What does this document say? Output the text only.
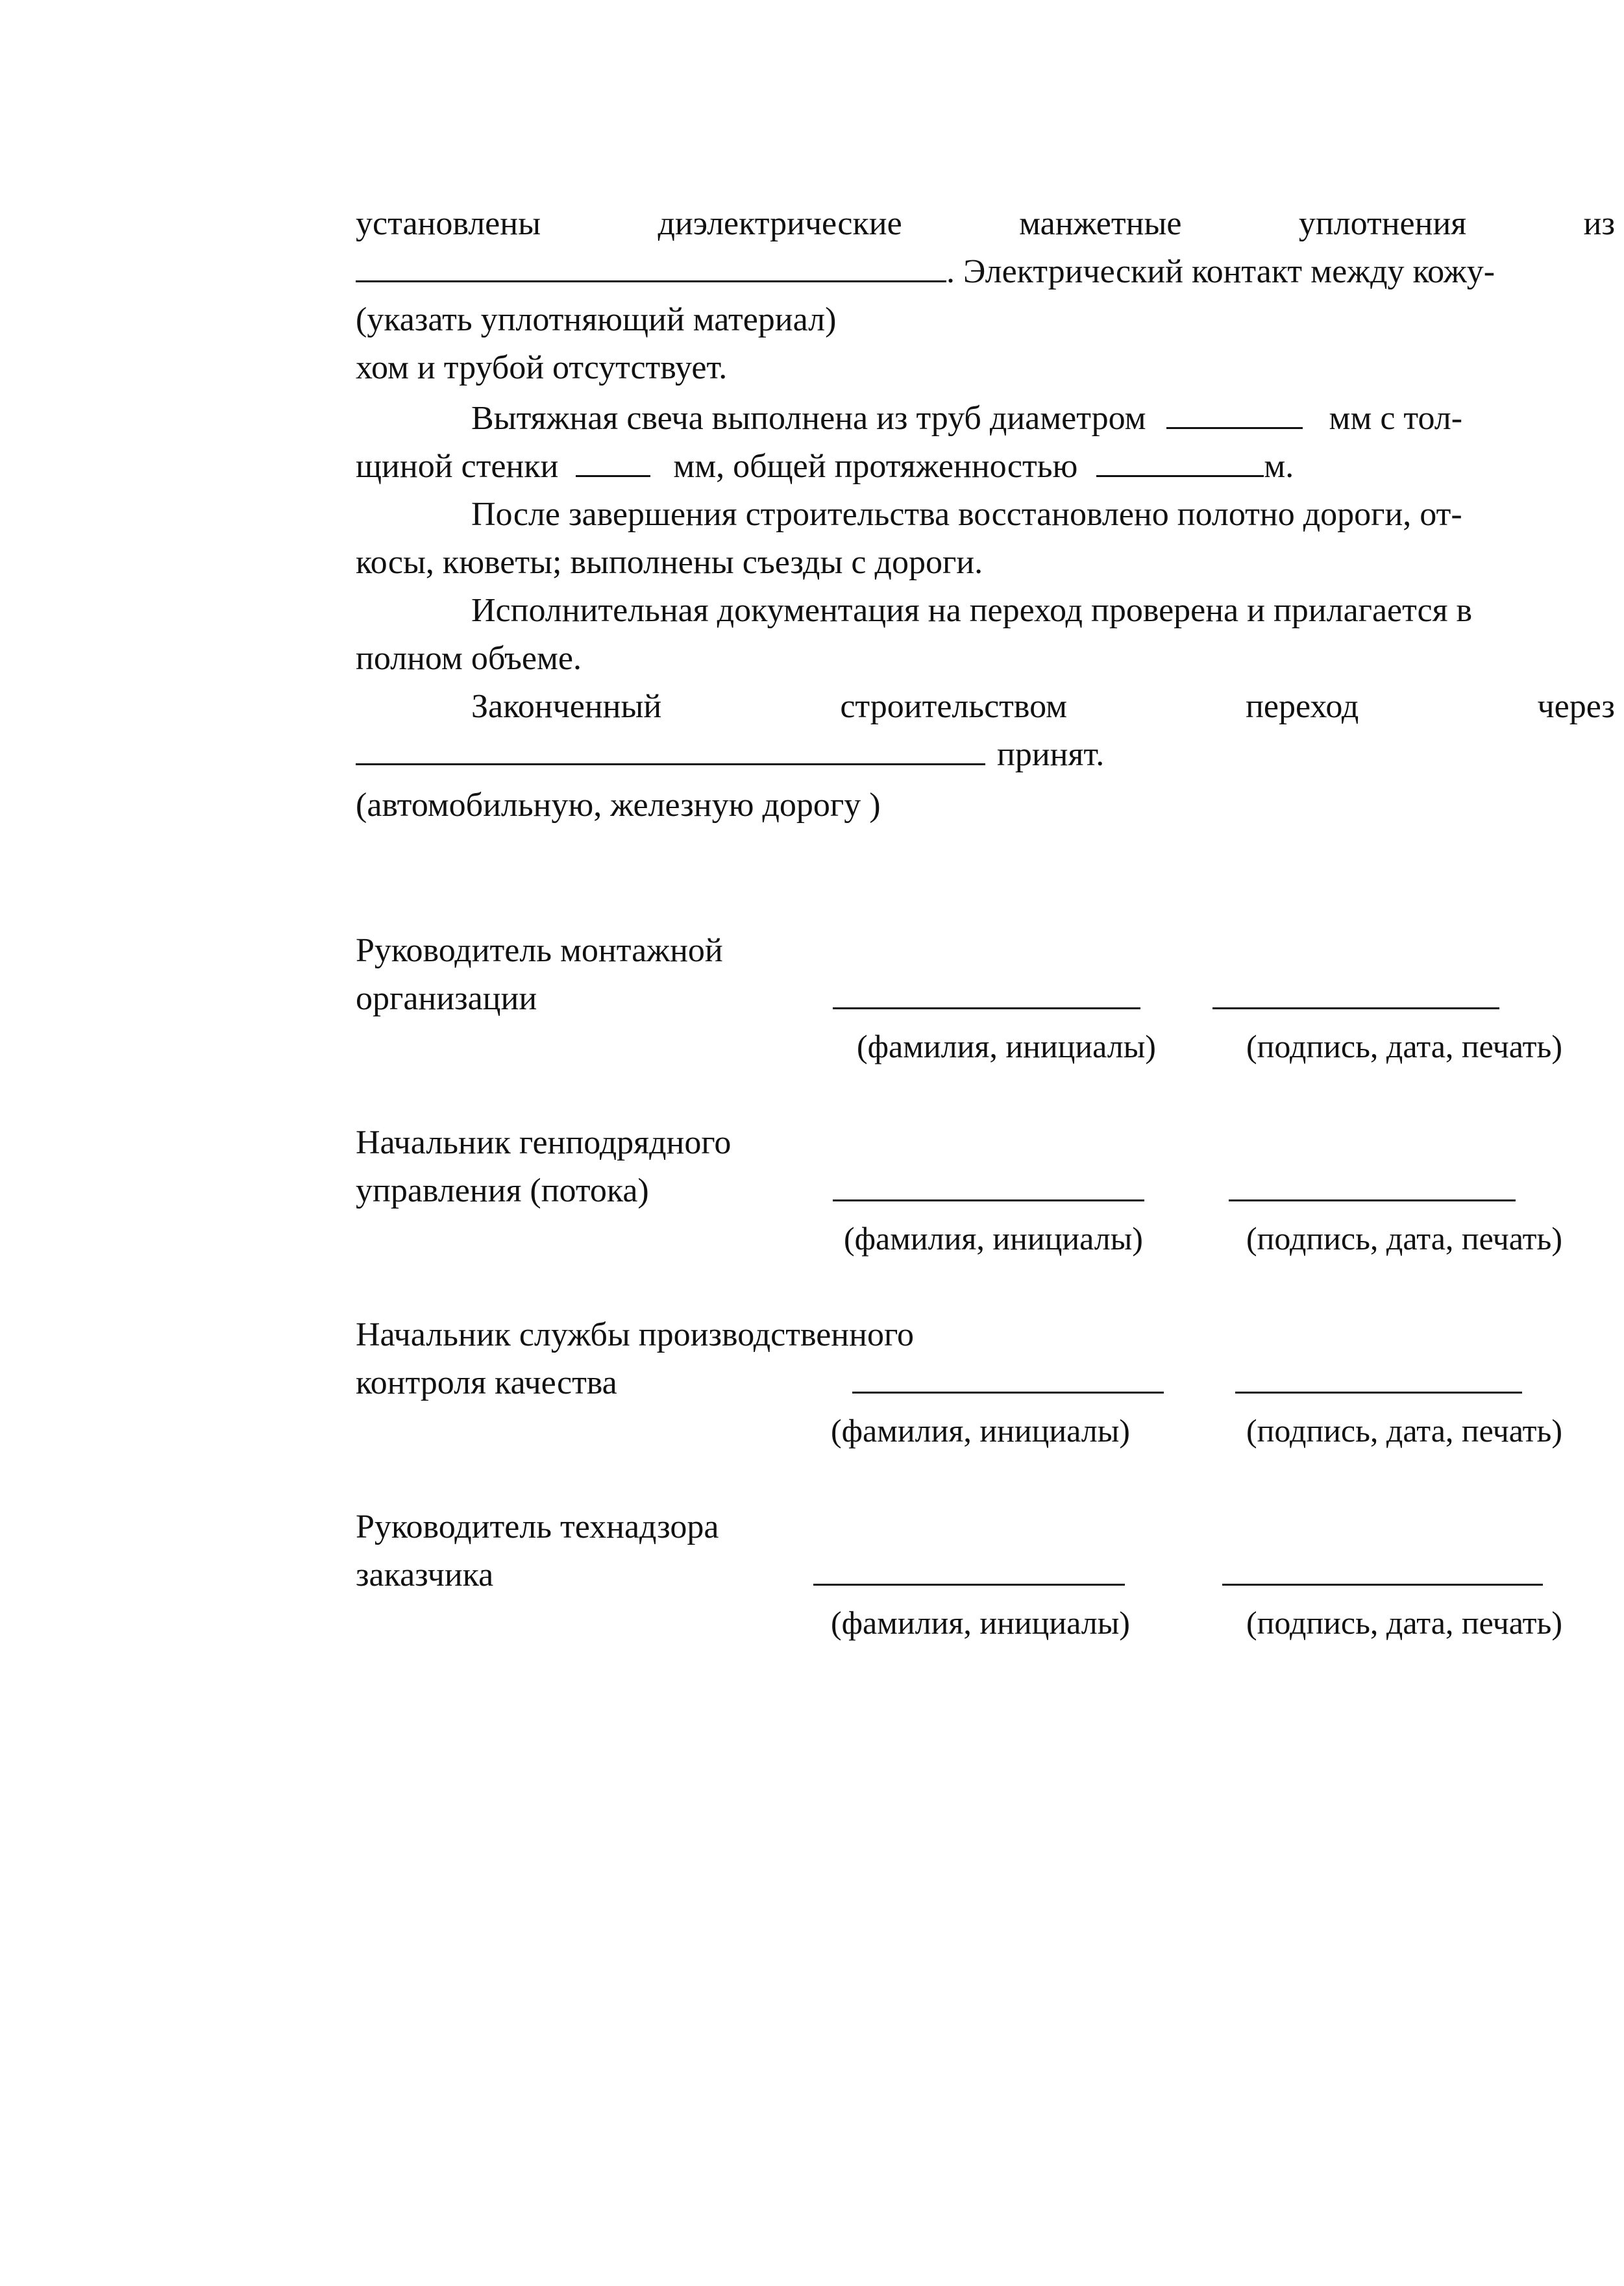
установлены	диэлектрические	манжетные	уплотнения	из
. Электрический контакт между кожу-
(указать уплотняющий материал)
хом и трубой отсутствует.
Вытяжная свеча выполнена из труб диаметром	мм с тол-
щиной стенки	мм, общей протяженностью	м.
После завершения строительства восстановлено полотно дороги, от-
косы, кюветы; выполнены съезды с дороги.
Исполнительная документация на переход проверена и прилагается в
полном объеме.
Законченный	строительством	переход	через
принят.
(автомобильную, железную дорогу )
Руководитель монтажной
организации
(фамилия, инициалы)	(подпись, дата, печать)
Начальник генподрядного
управления (потока)
(фамилия, инициалы)	(подпись, дата, печать)
Начальник службы производственного
контроля качества
(фамилия, инициалы)	(подпись, дата, печать)
Руководитель технадзора
заказчика
(фамилия, инициалы)	(подпись, дата, печать)
